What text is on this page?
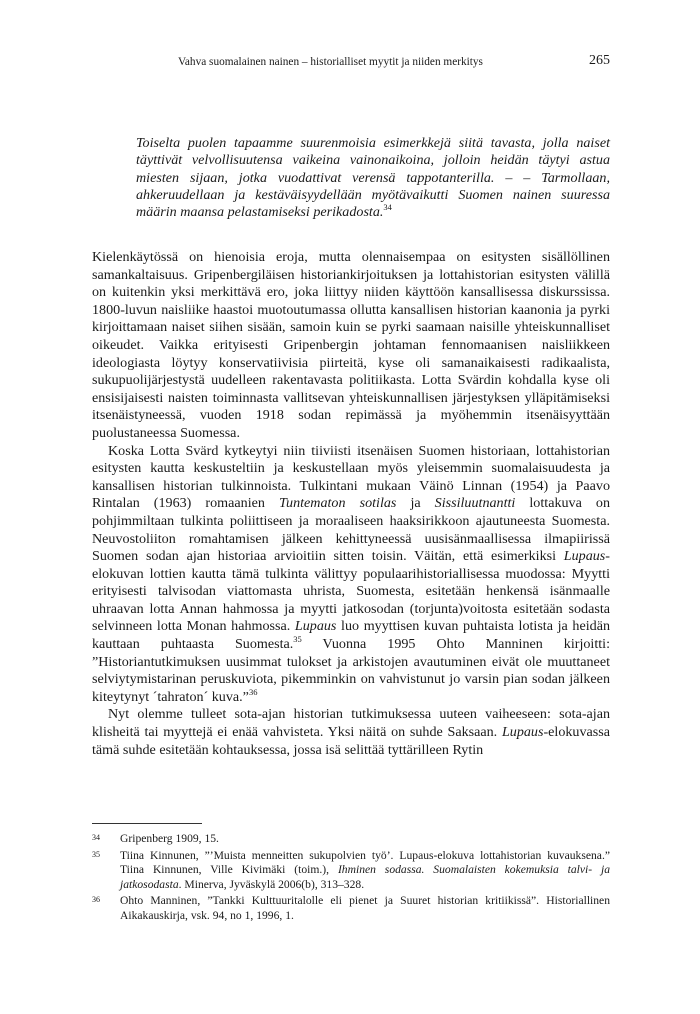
Vahva suomalainen nainen – historialliset myytit ja niiden merkitys	265
Toiselta puolen tapaamme suurenmoisia esimerkkejä siitä tavasta, jolla naiset täyttivät velvollisuutensa vaikeina vainonaikoina, jolloin heidän täytyi astua miesten sijaan, jotka vuodattivat verensä tappotanterilla. – – Tarmollaan, ahkeruudellaan ja kestäväisyydellään myötävaikutti Suomen nainen suuressa määrin maansa pelastamiseksi perikadosta.$^{34}$

Kielenkäytössä on hienoisia eroja, mutta olennaisempaa on esitysten sisällöllinen samankaltaisuus. Gripenbergiläisen historiankirjoituksen ja lottahistorian esitysten välillä on kuitenkin yksi merkittävä ero, joka liittyy niiden käyttöön kansallisessa diskurssissa. 1800-luvun naisliike haastoi muotoutumassa ollutta kansallisen historian kaanonia ja pyrki kirjoittamaan naiset siihen sisään, samoin kuin se pyrki saamaan naisille yhteiskunnalliset oikeudet. Vaikka erityisesti Gripenbergin johtaman fennomaanisen naisliikkeen ideologiasta löytyy konservatiivisia piirteitä, kyse oli samanaikaisesti radikaalista, sukupuolijärjestystä uudelleen rakentavasta politiikasta. Lotta Svärdin kohdalla kyse oli ensisijaisesti naisten toiminnasta vallitsevan yhteiskunnallisen järjestyksen ylläpitämiseksi itsenäistyneessä, vuoden 1918 sodan repimässä ja myöhemmin itsenäisyyttään puolustaneessa Suomessa.

Koska Lotta Svärd kytkeytyi niin tiiviisti itsenäisen Suomen historiaan, lottahistorian esitysten kautta keskusteltiin ja keskustellaan myös yleisemmin suomalaisuudesta ja kansallisen historian tulkinnoista. Tulkintani mukaan Väinö Linnan (1954) ja Paavo Rintalan (1963) romaanien Tuntematon sotilas ja Sissiluutnantti lottakuva on pohjimmiltaan tulkinta poliittiseen ja moraaliseen haaksirikkoon ajautuneesta Suomesta. Neuvostoliiton romahtamisen jälkeen kehittyneessä uusisänmaallisessa ilmapiirissä Suomen sodan ajan historiaa arvioitiin sitten toisin. Väitän, että esimerkiksi Lupaus-elokuvan lottien kautta tämä tulkinta välittyy populaarihistoriallisessa muodossa: Myytti erityisesti talvisodan viattomasta uhrista, Suomesta, esitetään henkensä isänmaalle uhraavan lotta Annan hahmossa ja myytti jatkosodan (torjunta)voitosta esitetään sodasta selvinneen lotta Monan hahmossa. Lupaus luo myyttisen kuvan puhtaista lotista ja heidän kauttaan puhtaasta Suomesta.$^{35}$ Vuonna 1995 Ohto Manninen kirjoitti: ”Historiantutkimuksen uusimmat tulokset ja arkistojen avautuminen eivät ole muuttaneet selviytymistarinan peruskuviota, pikemminkin on vahvistunut jo varsin pian sodan jälkeen kiteytynyt ´tahraton´ kuva.”$^{36}$

Nyt olemme tulleet sota-ajan historian tutkimuksessa uuteen vaiheeseen: sota-ajan klisheitä tai myyttejä ei enää vahvisteta. Yksi näitä on suhde Saksaan. Lupaus-elokuvassa tämä suhde esitetään kohtauksessa, jossa isä selittää tyttärilleen Rytin

34 Gripenberg 1909, 15.
35 Tiina Kinnunen, ”’Muista menneitten sukupolvien työ’. Lupaus-elokuva lottahistorian kuvauksena.” Tiina Kinnunen, Ville Kivimäki (toim.), Ihminen sodassa. Suomalaisten kokemuksia talvi- ja jatkosodasta. Minerva, Jyväskylä 2006(b), 313–328.
36 Ohto Manninen, ”Tankki Kulttuuritalolle eli pienet ja Suuret historian kritiikissä”. Historiallinen Aikakauskirja, vsk. 94, no 1, 1996, 1.
